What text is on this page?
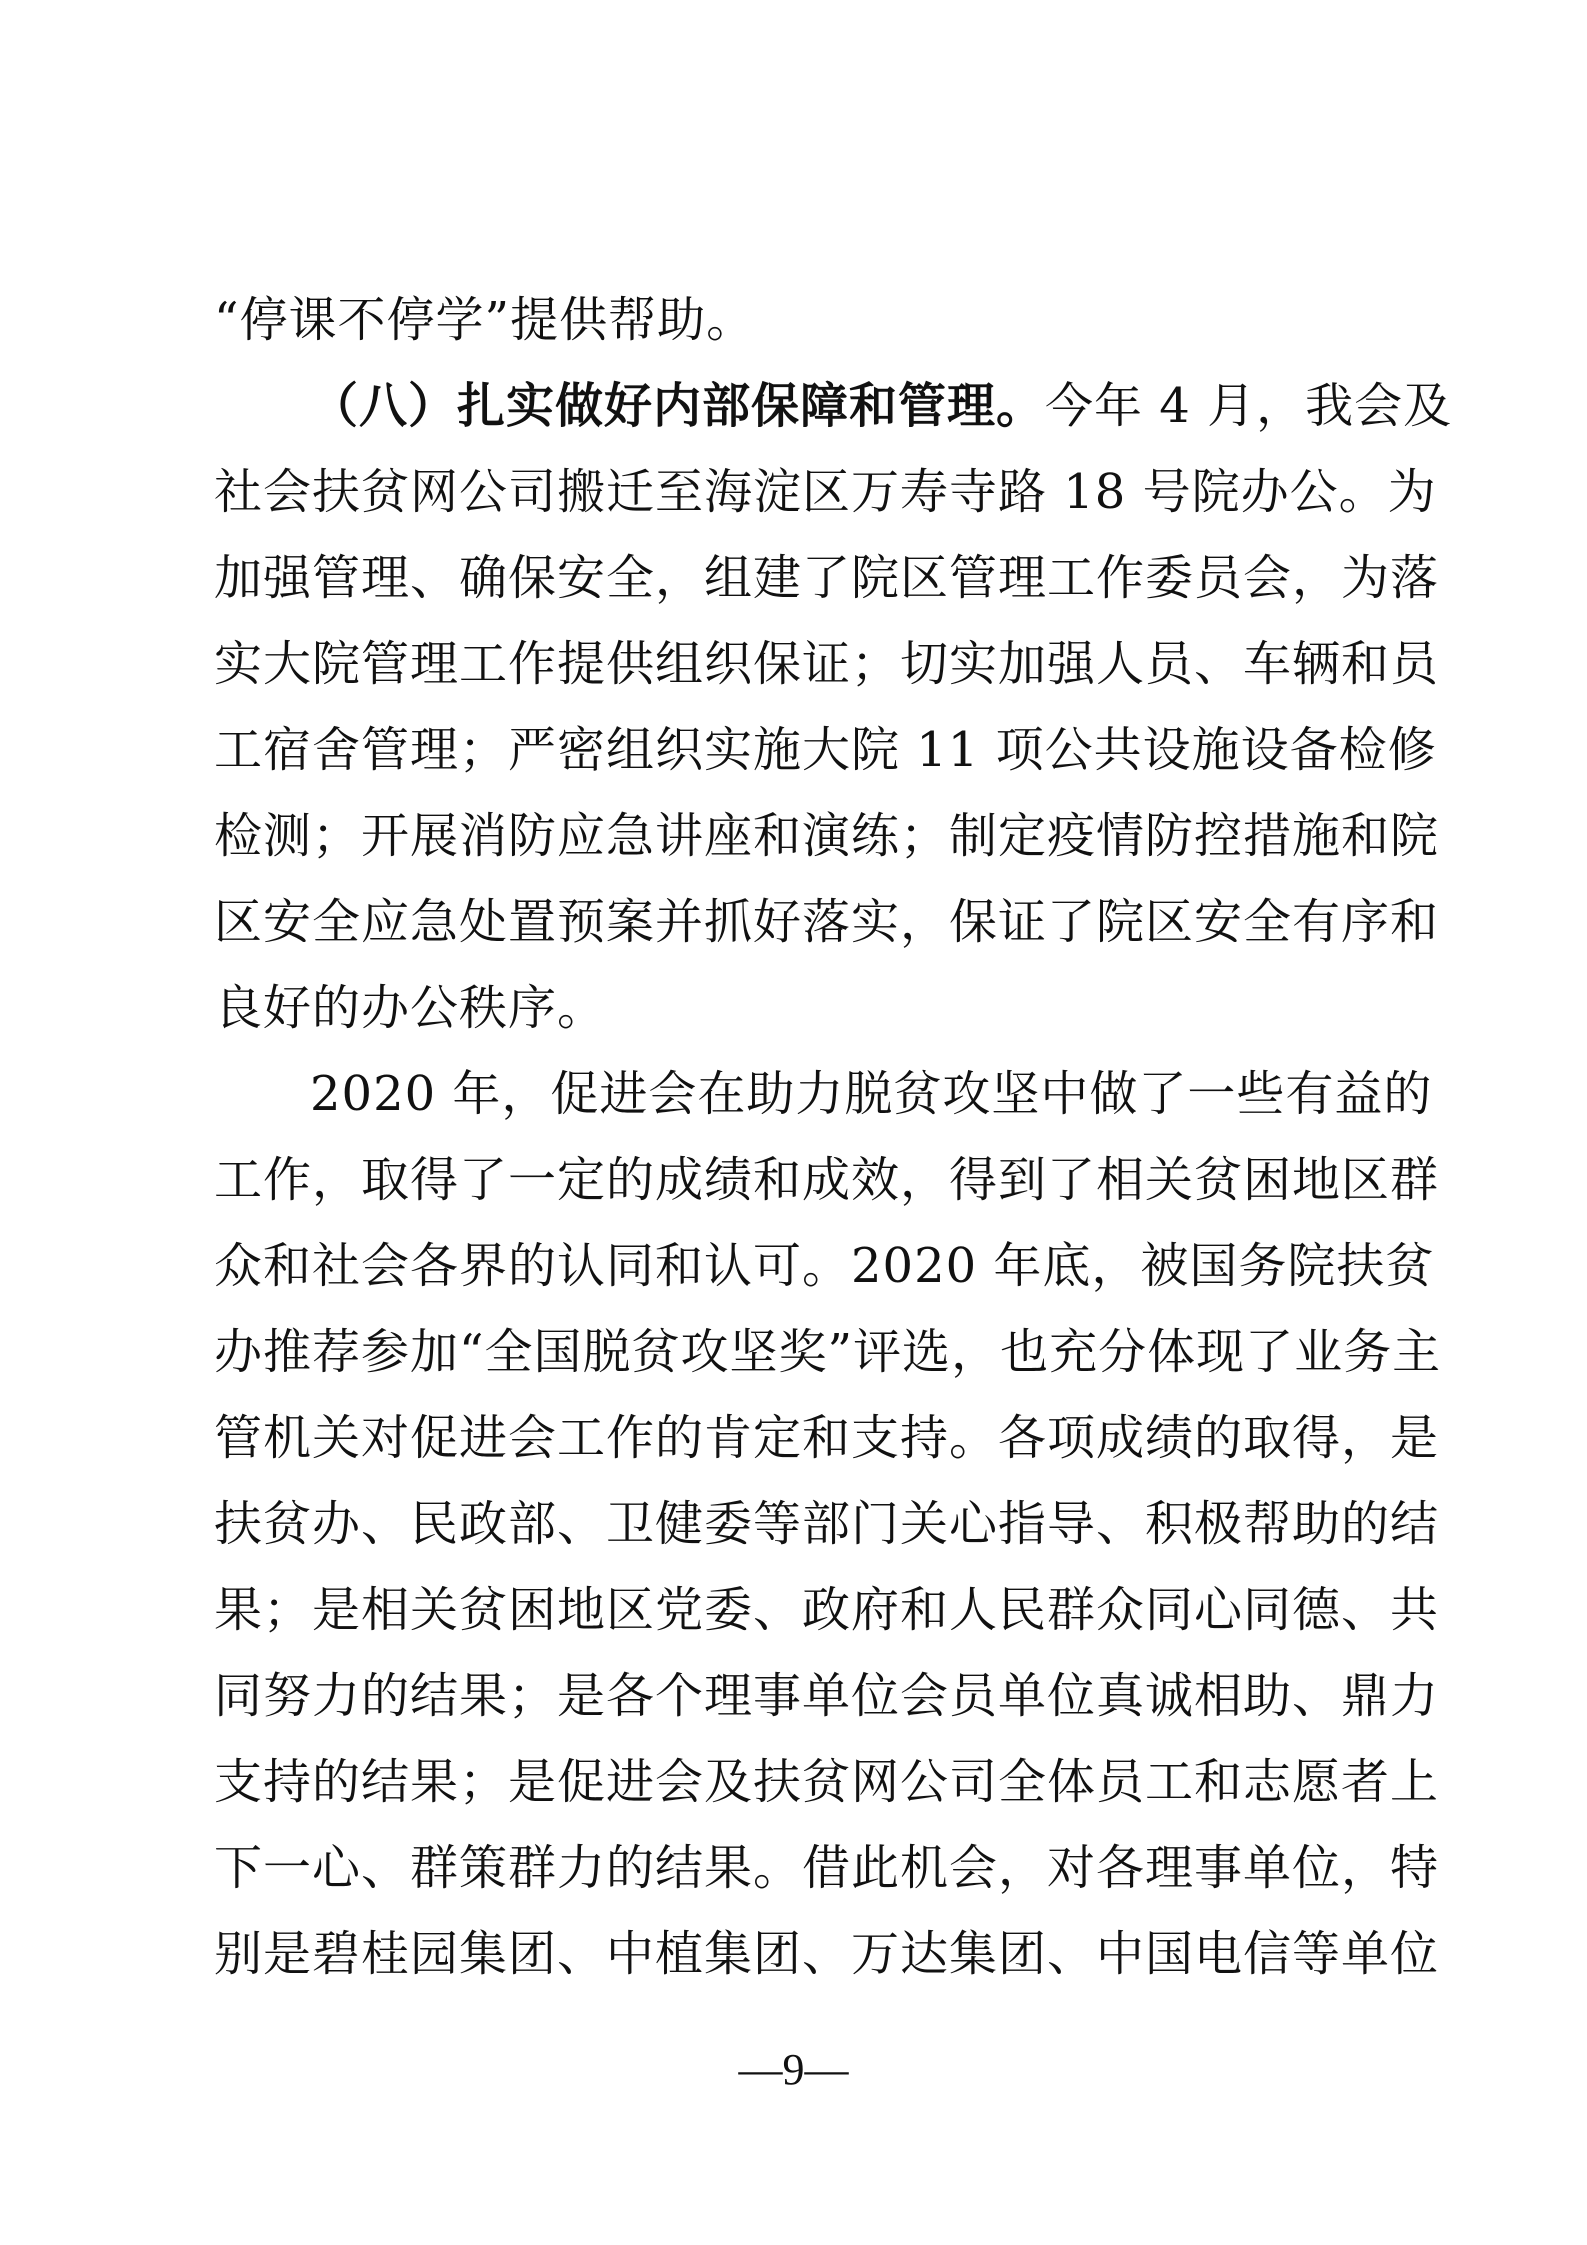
“停课不停学”提供帮助。
（八）扎实做好内部保障和管理。今年 4 月，我会及
社会扶贫网公司搬迁至海淀区万寿寺路 18 号院办公。为
加强管理、确保安全，组建了院区管理工作委员会，为落
实大院管理工作提供组织保证；切实加强人员、车辆和员
工宿舍管理；严密组织实施大院 11 项公共设施设备检修
检测；开展消防应急讲座和演练；制定疫情防控措施和院
区安全应急处置预案并抓好落实，保证了院区安全有序和
良好的办公秩序。
2020 年，促进会在助力脱贫攻坚中做了一些有益的
工作，取得了一定的成绩和成效，得到了相关贫困地区群
众和社会各界的认同和认可。2020 年底，被国务院扶贫
办推荐参加“全国脱贫攻坚奖”评选，也充分体现了业务主
管机关对促进会工作的肯定和支持。各项成绩的取得，是
扶贫办、民政部、卫健委等部门关心指导、积极帮助的结
果；是相关贫困地区党委、政府和人民群众同心同德、共
同努力的结果；是各个理事单位会员单位真诚相助、鼎力
支持的结果；是促进会及扶贫网公司全体员工和志愿者上
下一心、群策群力的结果。借此机会，对各理事单位，特
别是碧桂园集团、中植集团、万达集团、中国电信等单位
—9—
